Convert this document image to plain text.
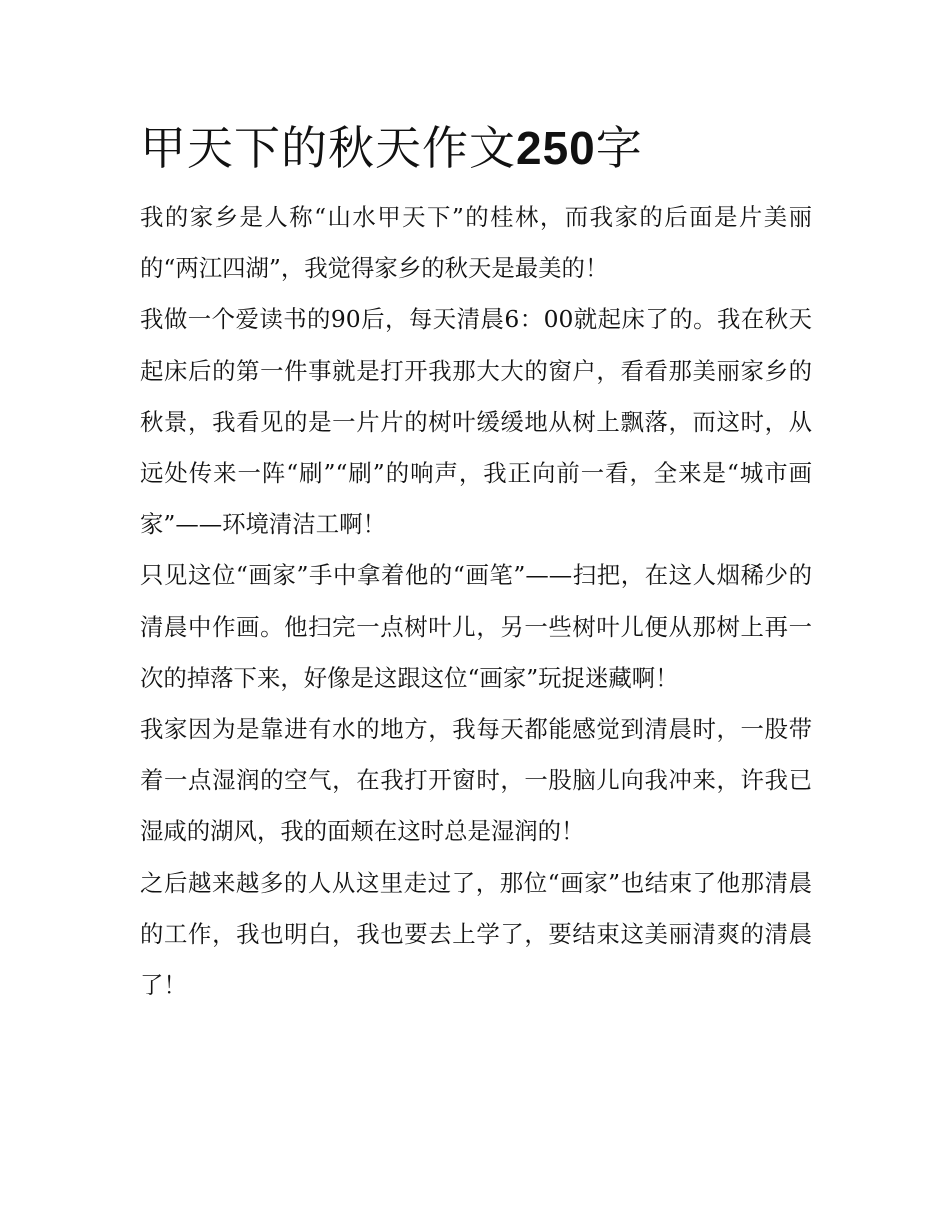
甲天下的秋天作文250字

我的家乡是人称“山水甲天下”的桂林，而我家的后面是片美丽的“两江四湖”，我觉得家乡的秋天是最美的！

我做一个爱读书的90后，每天清晨6：00就起床了的。我在秋天起床后的第一件事就是打开我那大大的窗户，看看那美丽家乡的秋景，我看见的是一片片的树叶缓缓地从树上飘落，而这时，从远处传来一阵“刷”“刷”的响声，我正向前一看，全来是“城市画家”——环境清洁工啊！

只见这位“画家”手中拿着他的“画笔”——扫把，在这人烟稀少的清晨中作画。他扫完一点树叶儿，另一些树叶儿便从那树上再一次的掉落下来，好像是这跟这位“画家”玩捉迷藏啊！

我家因为是靠进有水的地方，我每天都能感觉到清晨时，一股带着一点湿润的空气，在我打开窗时，一股脑儿向我冲来，许我已湿咸的湖风，我的面颊在这时总是湿润的！

之后越来越多的人从这里走过了，那位“画家”也结束了他那清晨的工作，我也明白，我也要去上学了，要结束这美丽清爽的清晨了！
